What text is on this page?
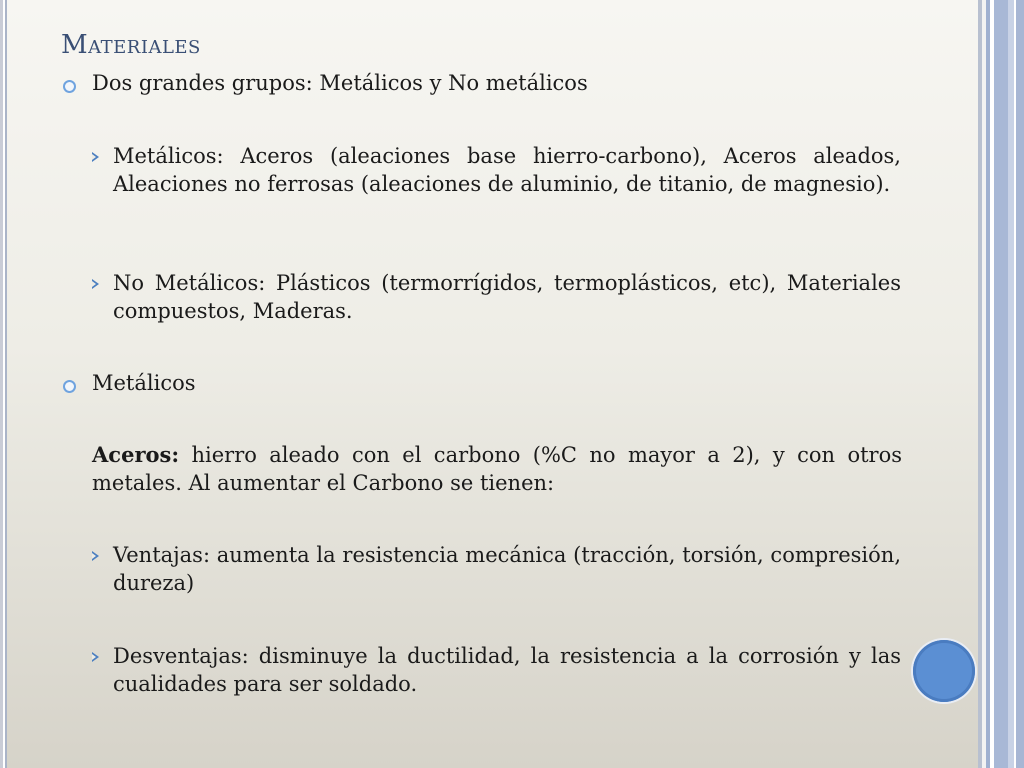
Materiales
Dos grandes grupos: Metálicos y No metálicos
Metálicos: Aceros (aleaciones base hierro-carbono), Aceros aleados, Aleaciones no ferrosas (aleaciones de aluminio, de titanio, de magnesio).
No Metálicos: Plásticos (termorrígidos, termoplásticos, etc), Materiales compuestos, Maderas.
Metálicos
Aceros: hierro aleado con el carbono (%C no mayor a 2), y con otros metales. Al aumentar el Carbono se tienen:
Ventajas: aumenta la resistencia mecánica (tracción, torsión, compresión, dureza)
Desventajas: disminuye la ductilidad, la resistencia a la corrosión y las cualidades para ser soldado.
